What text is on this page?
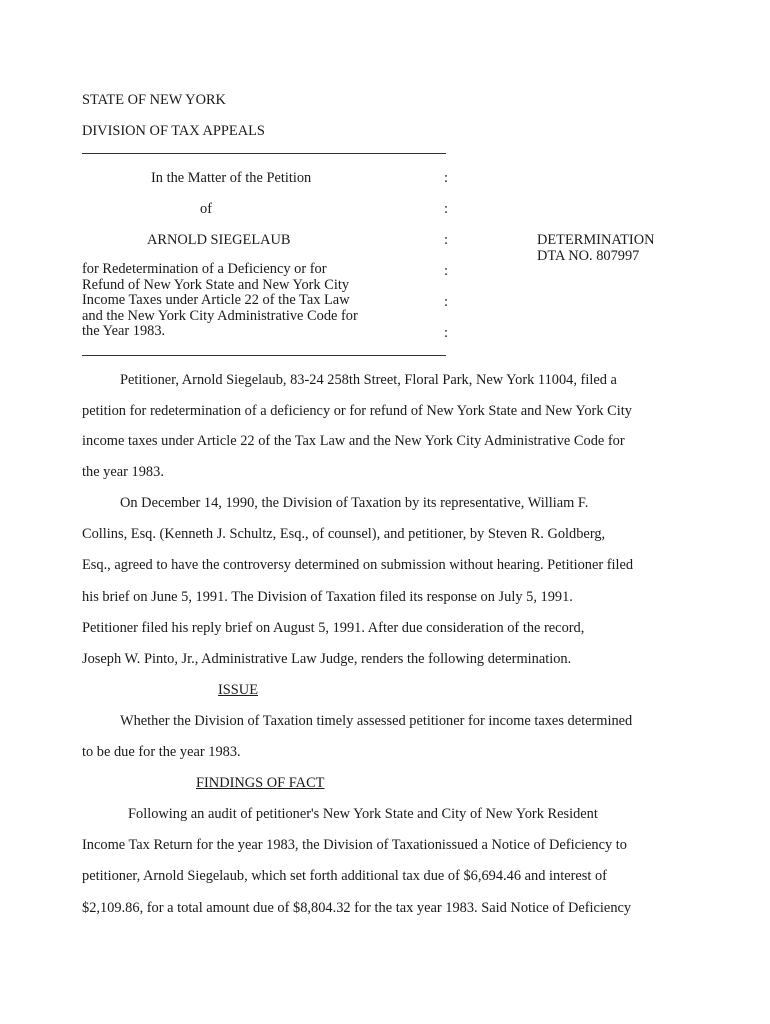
STATE OF NEW YORK
DIVISION OF TAX APPEALS
In the Matter of the Petition
of
ARNOLD SIEGELAUB
for Redetermination of a Deficiency or for
Refund of New York State and New York City
Income Taxes under Article 22 of the Tax Law
and the New York City Administrative Code for
the Year 1983.
:
:
:
:
:
:
DETERMINATION
DTA NO. 807997
Petitioner, Arnold Siegelaub, 83-24 258th Street, Floral Park, New York 11004, filed a
petition for redetermination of a deficiency or for refund of New York State and New York City
income taxes under Article 22 of the Tax Law and the New York City Administrative Code for
the year 1983.
On December 14, 1990, the Division of Taxation by its representative, William F.
Collins, Esq. (Kenneth J. Schultz, Esq., of counsel), and petitioner, by Steven R. Goldberg,
Esq., agreed to have the controversy determined on submission without hearing. Petitioner filed
his brief on June 5, 1991. The Division of Taxation filed its response on July 5, 1991.
Petitioner filed his reply brief on August 5, 1991. After due consideration of the record,
Joseph W. Pinto, Jr., Administrative Law Judge, renders the following determination.
ISSUE
Whether the Division of Taxation timely assessed petitioner for income taxes determined
to be due for the year 1983.
FINDINGS OF FACT
Following an audit of petitioner's New York State and City of New York Resident
Income Tax Return for the year 1983, the Division of Taxationissued a Notice of Deficiency to
petitioner, Arnold Siegelaub, which set forth additional tax due of $6,694.46 and interest of
$2,109.86, for a total amount due of $8,804.32 for the tax year 1983. Said Notice of Deficiency
